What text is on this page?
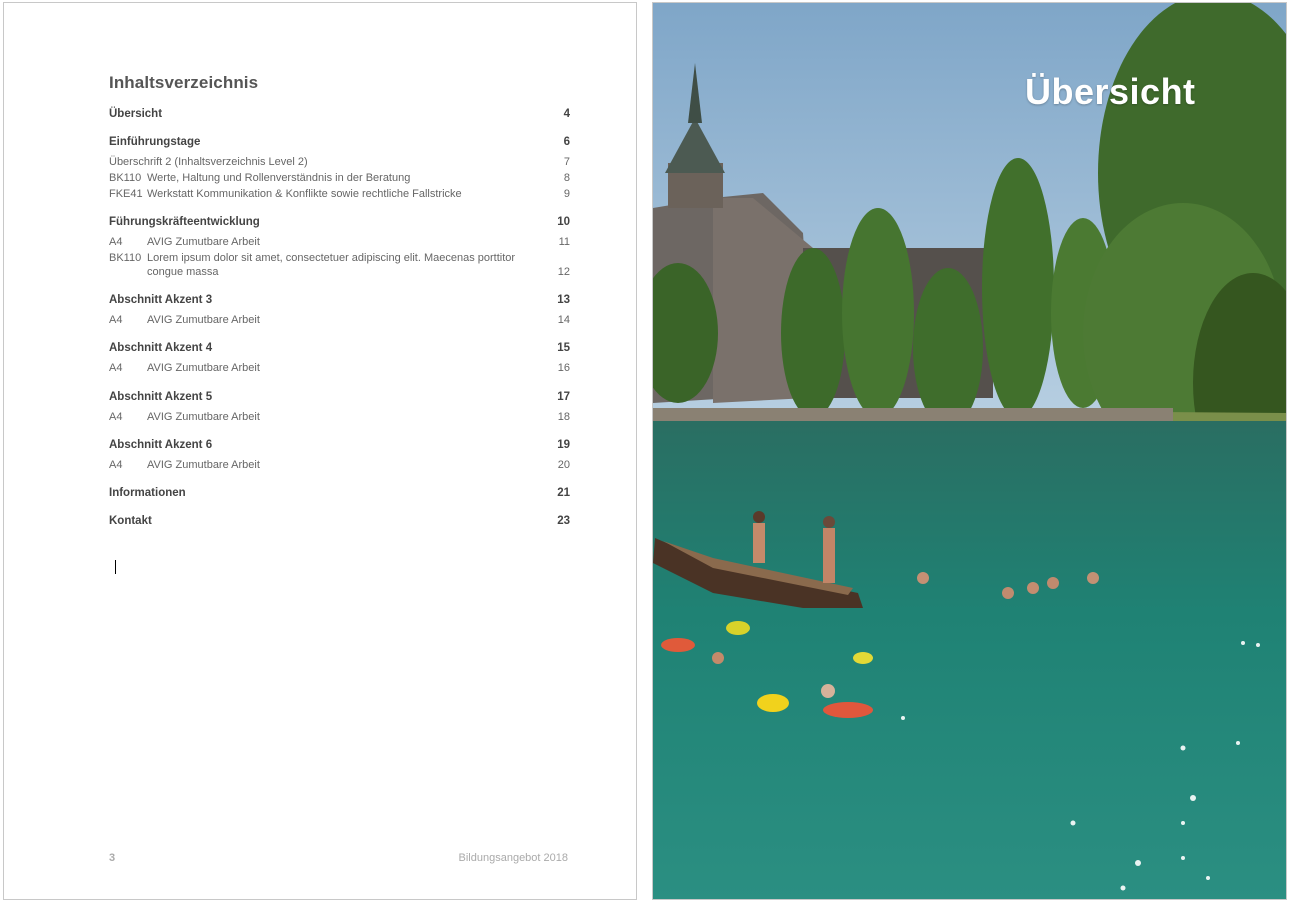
Inhaltsverzeichnis
Übersicht	4
Einführungstage	6
Überschrift 2 (Inhaltsverzeichnis Level 2)	7
BK110 Werte, Haltung und Rollenverständnis in der Beratung	8
FKE41 Werkstatt Kommunikation & Konflikte sowie rechtliche Fallstricke	9
Führungskräfteentwicklung	10
A4	AVIG Zumutbare Arbeit	11
BK110 Lorem ipsum dolor sit amet, consectetuer adipiscing elit. Maecenas porttitor congue massa	12
Abschnitt Akzent 3	13
A4	AVIG Zumutbare Arbeit	14
Abschnitt Akzent 4	15
A4	AVIG Zumutbare Arbeit	16
Abschnitt Akzent 5	17
A4	AVIG Zumutbare Arbeit	18
Abschnitt Akzent 6	19
A4	AVIG Zumutbare Arbeit	20
Informationen	21
Kontakt	23
3	Bildungsangebot 2018
Übersicht
